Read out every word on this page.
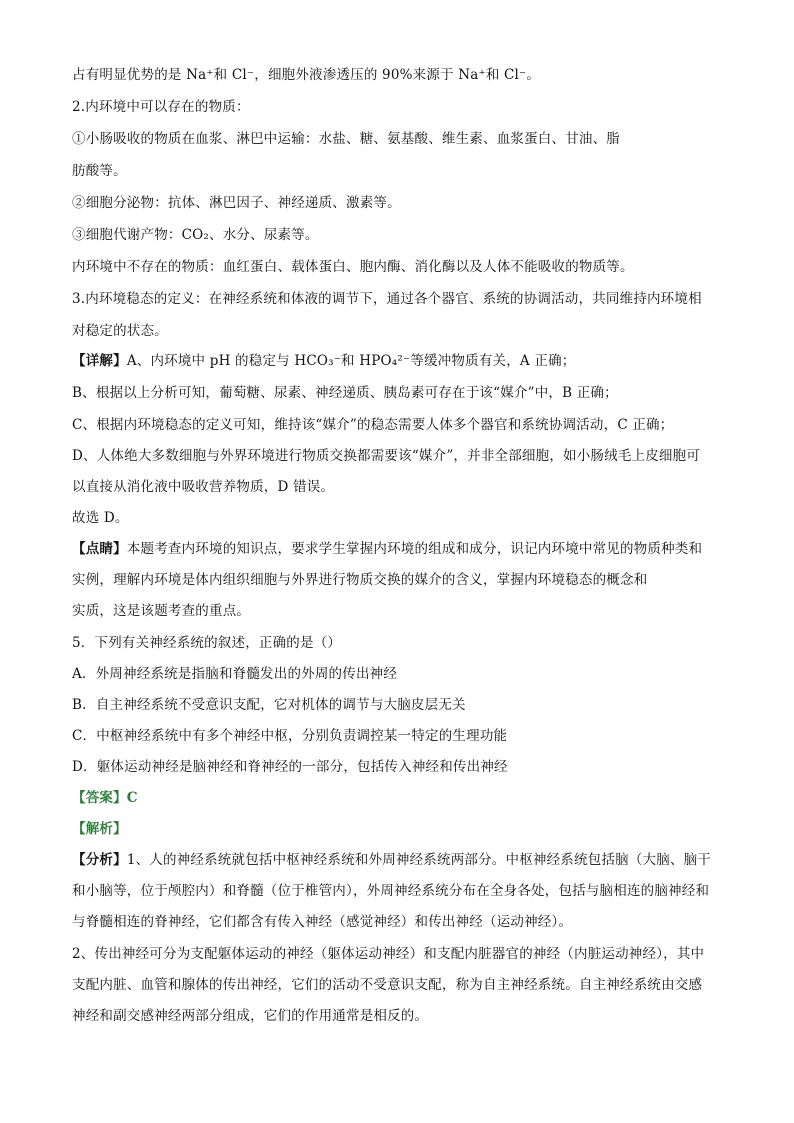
占有明显优势的是 Na⁺和 Cl⁻，细胞外液渗透压的 90%来源于 Na⁺和 Cl⁻。
2.内环境中可以存在的物质：
①小肠吸收的物质在血浆、淋巴中运输：水盐、糖、氨基酸、维生素、血浆蛋白、甘油、脂
肪酸等。
②细胞分泌物：抗体、淋巴因子、神经递质、激素等。
③细胞代谢产物：CO₂、水分、尿素等。
内环境中不存在的物质：血红蛋白、载体蛋白、胞内酶、消化酶以及人体不能吸收的物质等。
3.内环境稳态的定义：在神经系统和体液的调节下，通过各个器官、系统的协调活动，共同维持内环境相
对稳定的状态。
【详解】A、内环境中 pH 的稳定与 HCO₃⁻和 HPO₄²⁻等缓冲物质有关，A 正确；
B、根据以上分析可知，葡萄糖、尿素、神经递质、胰岛素可存在于该“媒介”中，B 正确；
C、根据内环境稳态的定义可知，维持该“媒介”的稳态需要人体多个器官和系统协调活动，C 正确；
D、人体绝大多数细胞与外界环境进行物质交换都需要该“媒介”，并非全部细胞，如小肠绒毛上皮细胞可
以直接从消化液中吸收营养物质，D 错误。
故选 D。
【点睛】本题考查内环境的知识点，要求学生掌握内环境的组成和成分，识记内环境中常见的物质种类和
实例，理解内环境是体内组织细胞与外界进行物质交换的媒介的含义，掌握内环境稳态的概念和
实质，这是该题考查的重点。
5．下列有关神经系统的叙述，正确的是（）
A．外周神经系统是指脑和脊髓发出的外周的传出神经
B．自主神经系统不受意识支配，它对机体的调节与大脑皮层无关
C．中枢神经系统中有多个神经中枢，分别负责调控某一特定的生理功能
D．躯体运动神经是脑神经和脊神经的一部分，包括传入神经和传出神经
【答案】C
【解析】
【分析】1、人的神经系统就包括中枢神经系统和外周神经系统两部分。中枢神经系统包括脑（大脑、脑干
和小脑等，位于颅腔内）和脊髓（位于椎管内），外周神经系统分布在全身各处，包括与脑相连的脑神经和
与脊髓相连的脊神经，它们都含有传入神经（感觉神经）和传出神经（运动神经）。
2、传出神经可分为支配躯体运动的神经（躯体运动神经）和支配内脏器官的神经（内脏运动神经），其中
支配内脏、血管和腺体的传出神经，它们的活动不受意识支配，称为自主神经系统。自主神经系统由交感
神经和副交感神经两部分组成，它们的作用通常是相反的。
